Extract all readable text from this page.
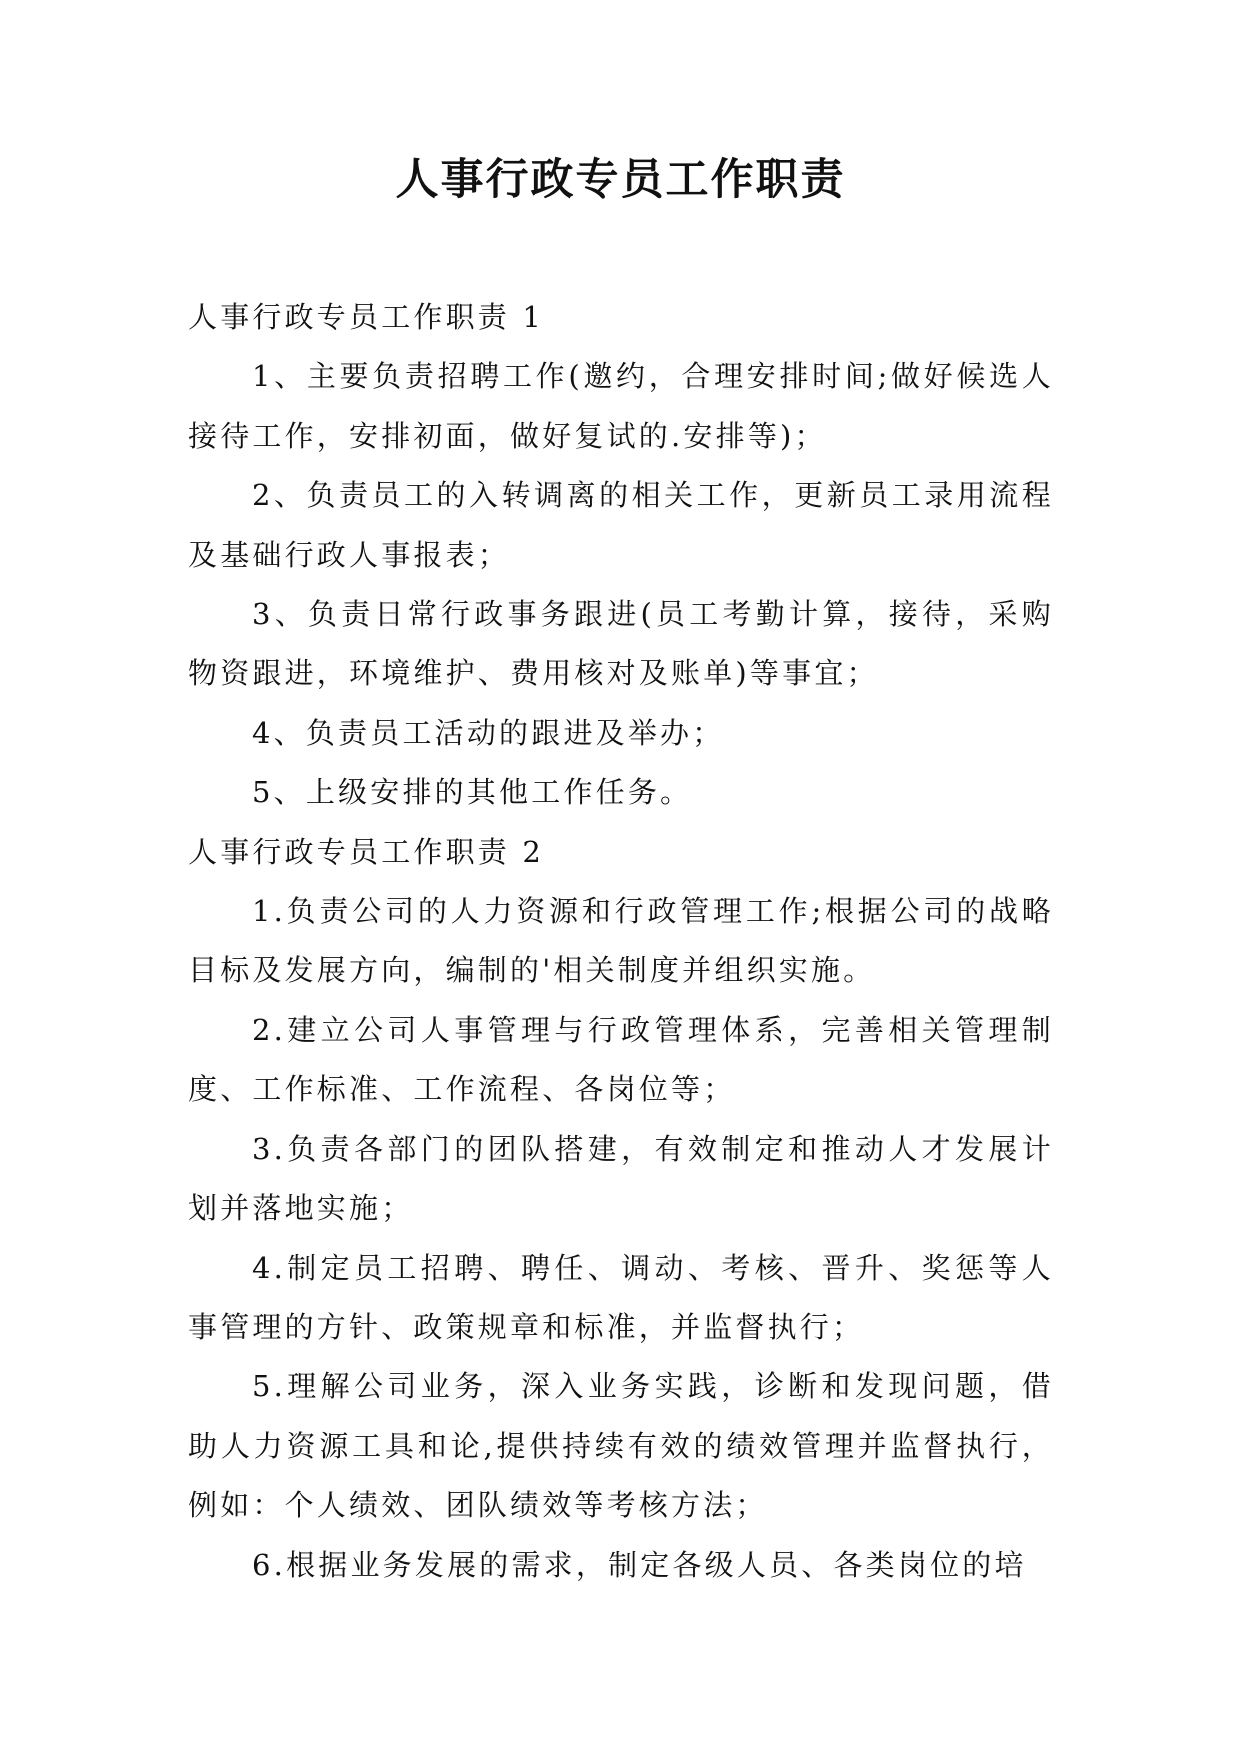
人事行政专员工作职责
人事行政专员工作职责 1

1、主要负责招聘工作(邀约，合理安排时间;做好候选人接待工作，安排初面，做好复试的.安排等)；

2、负责员工的入转调离的相关工作，更新员工录用流程及基础行政人事报表；

3、负责日常行政事务跟进(员工考勤计算，接待，采购物资跟进，环境维护、费用核对及账单)等事宜；

4、负责员工活动的跟进及举办；

5、上级安排的其他工作任务。

人事行政专员工作职责 2

1.负责公司的人力资源和行政管理工作;根据公司的战略目标及发展方向，编制的'相关制度并组织实施。

2.建立公司人事管理与行政管理体系，完善相关管理制度、工作标准、工作流程、各岗位等；

3.负责各部门的团队搭建，有效制定和推动人才发展计划并落地实施；

4.制定员工招聘、聘任、调动、考核、晋升、奖惩等人事管理的方针、政策规章和标准，并监督执行；

5.理解公司业务，深入业务实践，诊断和发现问题，借助人力资源工具和论,提供持续有效的绩效管理并监督执行，例如：个人绩效、团队绩效等考核方法；

6.根据业务发展的需求，制定各级人员、各类岗位的培
